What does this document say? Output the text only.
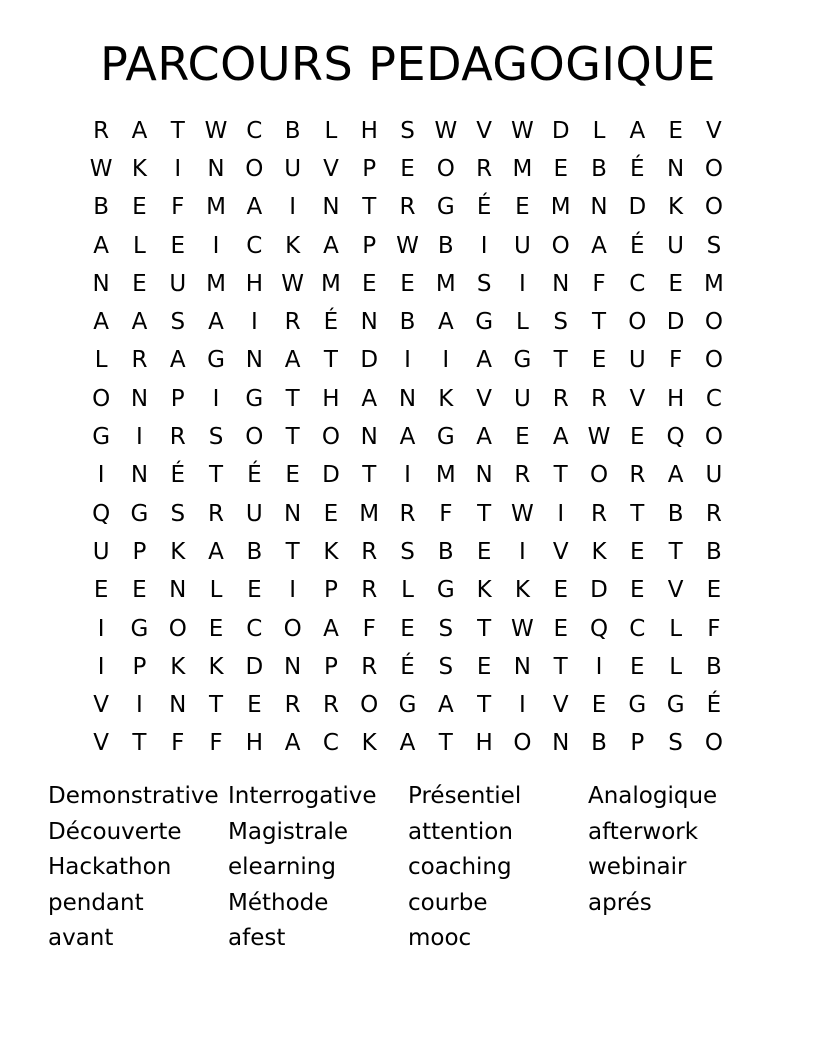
PARCOURS PEDAGOGIQUE
R A	T W C B	L	H S W V W D	L	A	E	V
W K	I	N O U V	P	E O R M E	B	É N O
B	E	F M A	I	N T	R G É	E M N D K O
A	L	E	I	C K A	P W B	I	U O A	É U S
N E U M H W M E	E M S	I	N	F	C	E M
A A	S	A	I	R	É N B A G L	S	T O D O
L	R A G N A	T D	I	I	A G T	E U	F O
O N P	I	G T H A N K V U R R V H C
G	I	R	S O T O N A G A	E	A W E Q O
I	N É	T	É	E D T	I	M N R	T O R A U
Q G S	R U N E M R	F	T W	I	R	T	B R
U P	K A B	T	K R	S	B	E	I	V K	E	T	B
E	E N	L	E	I	P	R	L G K	K	E D E	V	E
I	G O E C O A	F	E	S	T W E Q C	L	F
I	P	K	K D N P	R	É	S	E N T	I	E	L	B
V	I	N T	E	R R O G A	T	I	V	E G G É
V	T	F	F	H A C K A	T H O N B	P	S O
Demonstrative
Découverte
Hackathon
pendant
avant
Interrogative
Magistrale
elearning
Méthode
afest
Présentiel
attention
coaching
courbe
mooc
Analogique
afterwork
webinair
aprés
